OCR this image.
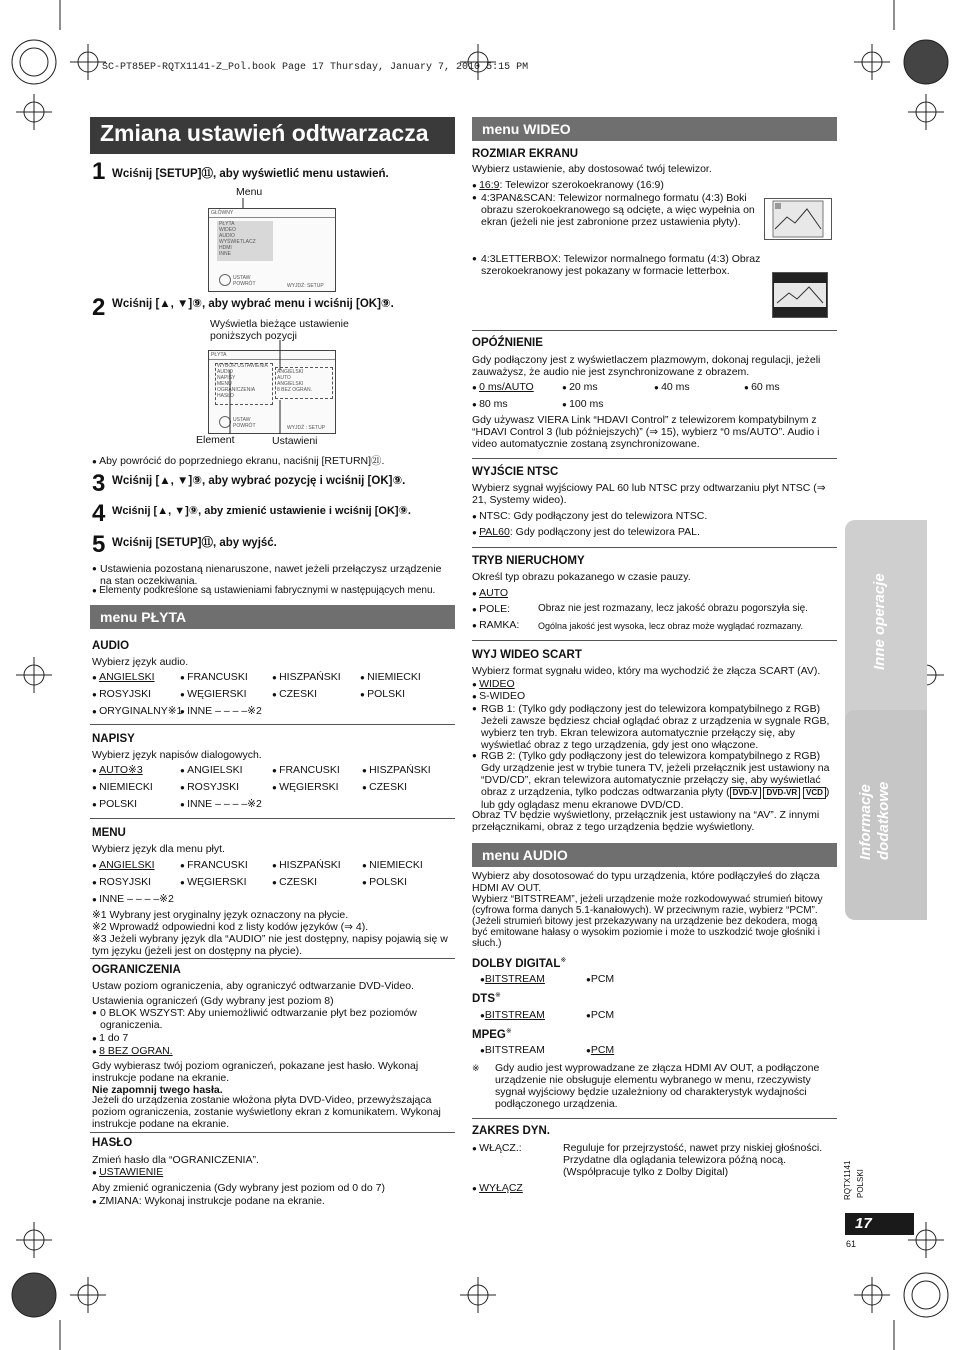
SC-PT85EP-RQTX1141-Z_Pol.book Page 17 Thursday, January 7, 2010 5:15 PM
Zmiana ustawień odtwarzacza
1 Wciśnij [SETUP]⑪, aby wyświetlić menu ustawień.
Menu
GŁÓWNY
PŁYTA
WIDEO
AUDIO
WYŚWIETLACZ
HDMI
INNE
USTAW
POWRÓT	WYJDŹ: SETUP
2 Wciśnij [▲, ▼]⑨, aby wybrać menu i wciśnij [OK]⑨.
Wyświetla bieżące ustawienie poniższych pozycji
PŁYTA
WYBÓR USTAWIENIA
AUDIO
NAPISY
MENU
OGRANICZENIA
HASŁO
ANGIELSKI
AUTO
ANGIELSKI
8 BEZ OGRAN.
USTAW
POWRÓT	WYJDŹ : SETUP
Element	Ustawieni
● Aby powrócić do poprzedniego ekranu, naciśnij [RETURN]㉑.
3 Wciśnij [▲, ▼]⑨, aby wybrać pozycję i wciśnij [OK]⑨.
4 Wciśnij [▲, ▼]⑨, aby zmienić ustawienie i wciśnij [OK]⑨.
5 Wciśnij [SETUP]⑪, aby wyjść.
● Ustawienia pozostaną nienaruszone, nawet jeżeli przełączysz urządzenie na stan oczekiwania.
● Elementy podkreślone są ustawieniami fabrycznymi w następujących menu.
menu PŁYTA
AUDIO
Wybierz język audio.
● ANGIELSKI	● FRANCUSKI	● HISZPAŃSKI	● NIEMIECKI
● ROSYJSKI	● WĘGIERSKI	● CZESKI	● POLSKI
● ORYGINALNY※1 ● INNE – – – –※2
NAPISY
Wybierz język napisów dialogowych.
● AUTO※3	● ANGIELSKI	● FRANCUSKI	● HISZPAŃSKI
● NIEMIECKI	● ROSYJSKI	● WĘGIERSKI	● CZESKI
● POLSKI	● INNE – – – –※2
MENU
Wybierz język dla menu płyt.
● ANGIELSKI	● FRANCUSKI	● HISZPAŃSKI	● NIEMIECKI
● ROSYJSKI	● WĘGIERSKI	● CZESKI	● POLSKI
● INNE – – – –※2
※1 Wybrany jest oryginalny język oznaczony na płycie.
※2 Wprowadź odpowiedni kod z listy kodów języków (⇒ 4).
※3 Jeżeli wybrany język dla “AUDIO” nie jest dostępny, napisy pojawią się w tym języku (jeżeli jest on dostępny na płycie).
OGRANICZENIA
Ustaw poziom ograniczenia, aby ograniczyć odtwarzanie DVD-Video.
Ustawienia ograniczeń (Gdy wybrany jest poziom 8)
● 0 BLOK WSZYST: Aby uniemożliwić odtwarzanie płyt bez poziomów ograniczenia.
● 1 do 7
● 8 BEZ OGRAN.
Gdy wybierasz twój poziom ograniczeń, pokazane jest hasło. Wykonaj instrukcje podane na ekranie.
Nie zapomnij twego hasła.
Jeżeli do urządzenia zostanie włożona płyta DVD-Video, przewyższająca poziom ograniczenia, zostanie wyświetlony ekran z komunikatem. Wykonaj instrukcje podane na ekranie.
HASŁO
Zmień hasło dla “OGRANICZENIA”.
● USTAWIENIE
Aby zmienić ograniczenia (Gdy wybrany jest poziom od 0 do 7)
● ZMIANA: Wykonaj instrukcje podane na ekranie.
menu WIDEO
ROZMIAR EKRANU
Wybierz ustawienie, aby dostosować twój telewizor.
● 16:9: Telewizor szerokoekranowy (16:9)
● 4:3PAN&SCAN: Telewizor normalnego formatu (4:3) Boki obrazu szerokoekranowego są odcięte, a więc wypełnia on ekran (jeżeli nie jest zabronione przez ustawienia płyty).
● 4:3LETTERBOX: Telewizor normalnego formatu (4:3) Obraz szerokoekranowy jest pokazany w formacie letterbox.
OPÓŹNIENIE
Gdy podłączony jest z wyświetlaczem plazmowym, dokonaj regulacji, jeżeli zauważysz, że audio nie jest zsynchronizowane z obrazem.
● 0 ms/AUTO	● 20 ms	● 40 ms	● 60 ms
● 80 ms	● 100 ms
Gdy używasz VIERA Link “HDAVI Control” z telewizorem kompatybilnym z “HDAVI Control 3 (lub późniejszych)” (⇒ 15), wybierz “0 ms/AUTO”. Audio i video automatycznie zostaną zsynchronizowane.
WYJŚCIE NTSC
Wybierz sygnał wyjściowy PAL 60 lub NTSC przy odtwarzaniu płyt NTSC (⇒ 21, Systemy wideo).
● NTSC: Gdy podłączony jest do telewizora NTSC.
● PAL60: Gdy podłączony jest do telewizora PAL.
TRYB NIERUCHOMY
Określ typ obrazu pokazanego w czasie pauzy.
● AUTO
● POLE:	Obraz nie jest rozmazany, lecz jakość obrazu pogorszyła się.
● RAMKA: Ogólna jakość jest wysoka, lecz obraz może wyglądać rozmazany.
WYJ WIDEO SCART
Wybierz format sygnału wideo, który ma wychodzić że złącza SCART (AV).
● WIDEO
● S-WIDEO
● RGB 1: (Tylko gdy podłączony jest do telewizora kompatybilnego z RGB) Jeżeli zawsze będziesz chciał oglądać obraz z urządzenia w sygnale RGB, wybierz ten tryb. Ekran telewizora automatycznie przełączy się, aby wyświetlać obraz z tego urządzenia, gdy jest ono włączone.
● RGB 2: (Tylko gdy podłączony jest do telewizora kompatybilnego z RGB) Gdy urządzenie jest w trybie tunera TV, jeżeli przełącznik jest ustawiony na “DVD/CD”, ekran telewizora automatycznie przełączy się, aby wyświetlać obraz z urządzenia, tylko podczas odtwarzania płyty ( DVD-V DVD-VR VCD ) lub gdy oglądasz menu ekranowe DVD/CD.
Obraz TV będzie wyświetlony, przełącznik jest ustawiony na “AV”. Z innymi przełącznikami, obraz z tego urządzenia będzie wyświetlony.
menu AUDIO
Wybierz aby dosotosować do typu urządzenia, które podłączyłeś do złącza HDMI AV OUT.
Wybierz “BITSTREAM”, jeżeli urządzenie może rozkodowywać strumień bitowy (cyfrowa forma danych 5.1-kanałowych). W przeciwnym razie, wybierz “PCM”. (Jeżeli strumień bitowy jest przekazywany na urządzenie bez dekodera, mogą być emitowane hałasy o wysokim poziomie i może to uszkodzić twoje głośniki i słuch.)
DOLBY DIGITAL※
●BITSTREAM	●PCM
DTS※
●BITSTREAM	●PCM
MPEG※
●BITSTREAM	●PCM
※	Gdy audio jest wyprowadzane ze złącza HDMI AV OUT, a podłączone urządzenie nie obsługuje elementu wybranego w menu, rzeczywisty sygnał wyjściowy będzie uzależniony od charakterystyk wydajności podłączonego urządzenia.
ZAKRES DYN.
● WŁĄCZ.:	Reguluje for przejrzystość, nawet przy niskiej głośności. Przydatne dla oglądania telewizora późną nocą. (Współpracuje tylko z Dolby Digital)
● WYŁĄCZ
Inne operacje
Informacje dodatkowe
RQTX1141 POLSKI
17
61
